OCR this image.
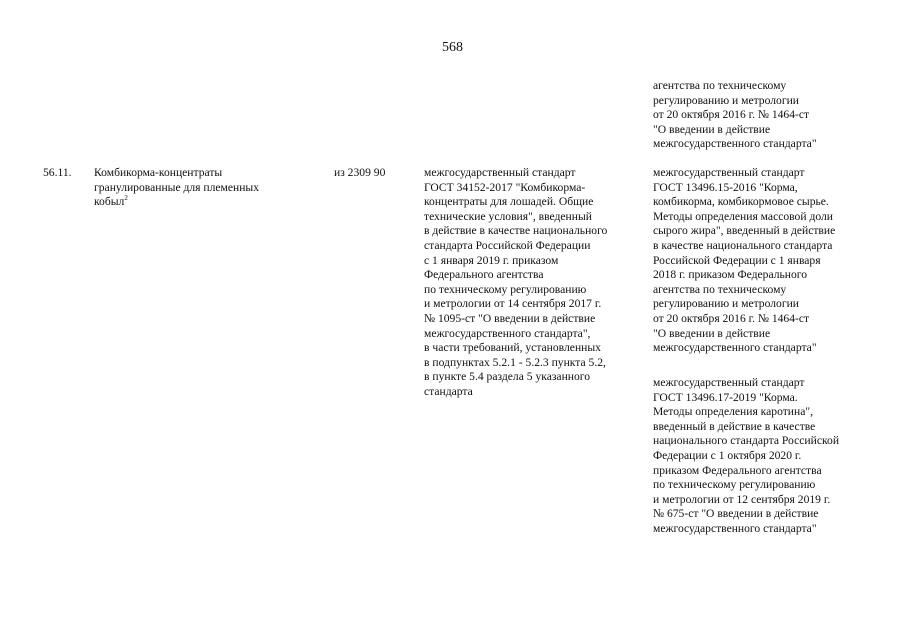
568
агентства по техническому
регулированию и метрологии
от 20 октября 2016 г. № 1464-ст
"О введении в действие
межгосударственного стандарта"
56.11.	Комбикорма-концентраты
гранулированные для племенных
кобыл$^2$
из 2309 90	межгосударственный стандарт
ГОСТ 34152-2017 "Комбикорма-
концентраты для лошадей. Общие
технические условия", введенный
в действие в качестве национального
стандарта Российской Федерации
с 1 января 2019 г. приказом
Федерального агентства
по техническому регулированию
и метрологии от 14 сентября 2017 г.
№ 1095-ст "О введении в действие
межгосударственного стандарта",
в части требований, установленных
в подпунктах 5.2.1 - 5.2.3 пункта 5.2,
в пункте 5.4 раздела 5 указанного
стандарта
межгосударственный стандарт
ГОСТ 13496.15-2016 "Корма,
комбикорма, комбикормовое сырье.
Методы определения массовой доли
сырого жира", введенный в действие
в качестве национального стандарта
Российской Федерации с 1 января
2018 г. приказом Федерального
агентства по техническому
регулированию и метрологии
от 20 октября 2016 г. № 1464-ст
"О введении в действие
межгосударственного стандарта"
межгосударственный стандарт
ГОСТ 13496.17-2019 "Корма.
Методы определения каротина",
введенный в действие в качестве
национального стандарта Российской
Федерации с 1 октября 2020 г.
приказом Федерального агентства
по техническому регулированию
и метрологии от 12 сентября 2019 г.
№ 675-ст "О введении в действие
межгосударственного стандарта"
